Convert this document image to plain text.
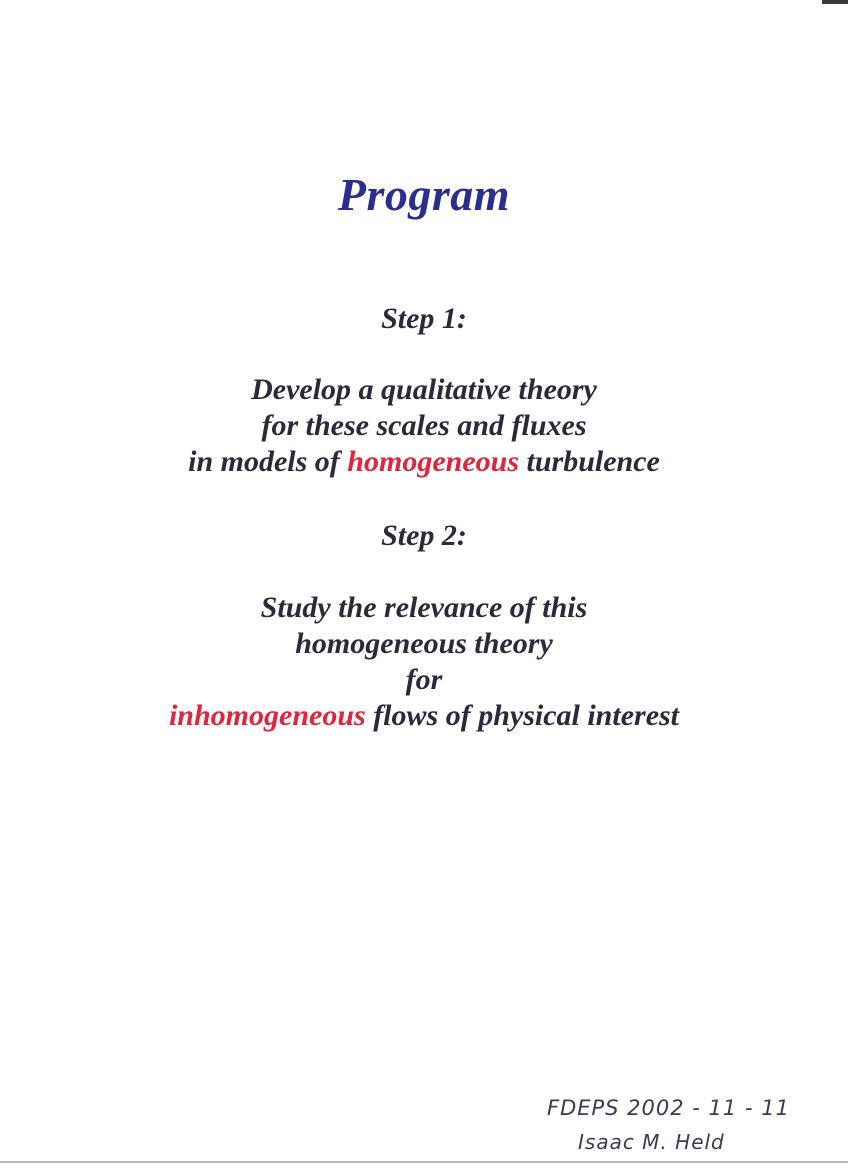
Program
Step 1:
Develop a qualitative theory
for these scales and fluxes
in models of homogeneous turbulence
Step 2:
Study the relevance of this
homogeneous theory
for
inhomogeneous flows of physical interest
FDEPS 2002 - 11 - 11
Isaac M. Held
